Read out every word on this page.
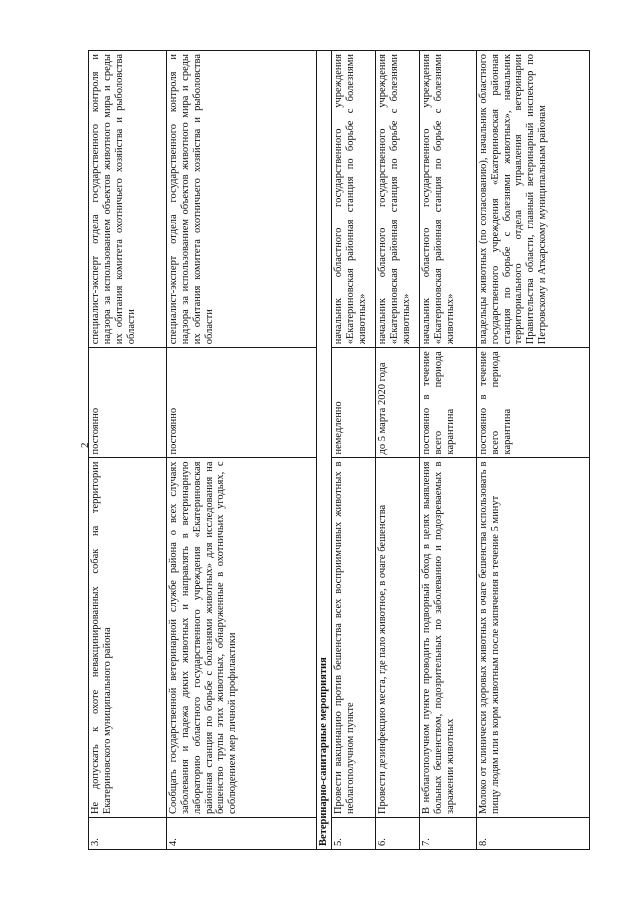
2
3.	Не допускать к охоте невакцинированных собак на территории Екатериновского муниципального района	постоянно	специалист-эксперт отдела государственного контроля и надзора за использованием объектов животного мира и среды их обитания комитета охотничьего хозяйства и рыболовства области
4.	Сообщать государственной ветеринарной службе района о всех случаях заболевания и падежа диких животных и направлять в ветеринарную лабораторию областного государственного учреждения «Екатериновская районная станция по борьбе с болезнями животных» для исследования на бешенство трупы этих животных, обнаруженные в охотничьих угодьях, с соблюдением мер личной профилактики	постоянно	специалист-эксперт отдела государственного контроля и надзора за использованием объектов животного мира и среды их обитания комитета охотничьего хозяйства и рыболовства области
Ветеринарно-санитарные мероприятия			
5.	Провести вакцинацию против бешенства всех восприимчивых животных в неблагополучном пункте	немедленно	начальник областного государственного учреждения «Екатериновская районная станция по борьбе с болезнями животных»
6.	Провести дезинфекцию места, где пало животное, в очаге бешенства	до 5 марта 2020 года	начальник областного государственного учреждения «Екатериновская районная станция по борьбе с болезнями животных»
7.	В неблагополучном пункте проводить подворный обход в целях выявления больных бешенством, подозрительных по заболеванию и подозреваемых в заражении животных	постоянно в течение всего периода карантина	начальник областного государственного учреждения «Екатериновская районная станция по борьбе с болезнями животных»
8.	Молоко от клинически здоровых животных в очаге бешенства использовать в пищу людям или в корм животным после кипячения в течение 5 минут	постоянно в течение всего периода карантина	владельцы животных (по согласованию), начальник областного государственного учреждения «Екатериновская районная станция по борьбе с болезнями животных», начальник территориального отдела управления ветеринарии Правительства области, главный ветеринарный инспектор по Петровскому и Аткарскому муниципальным районам
